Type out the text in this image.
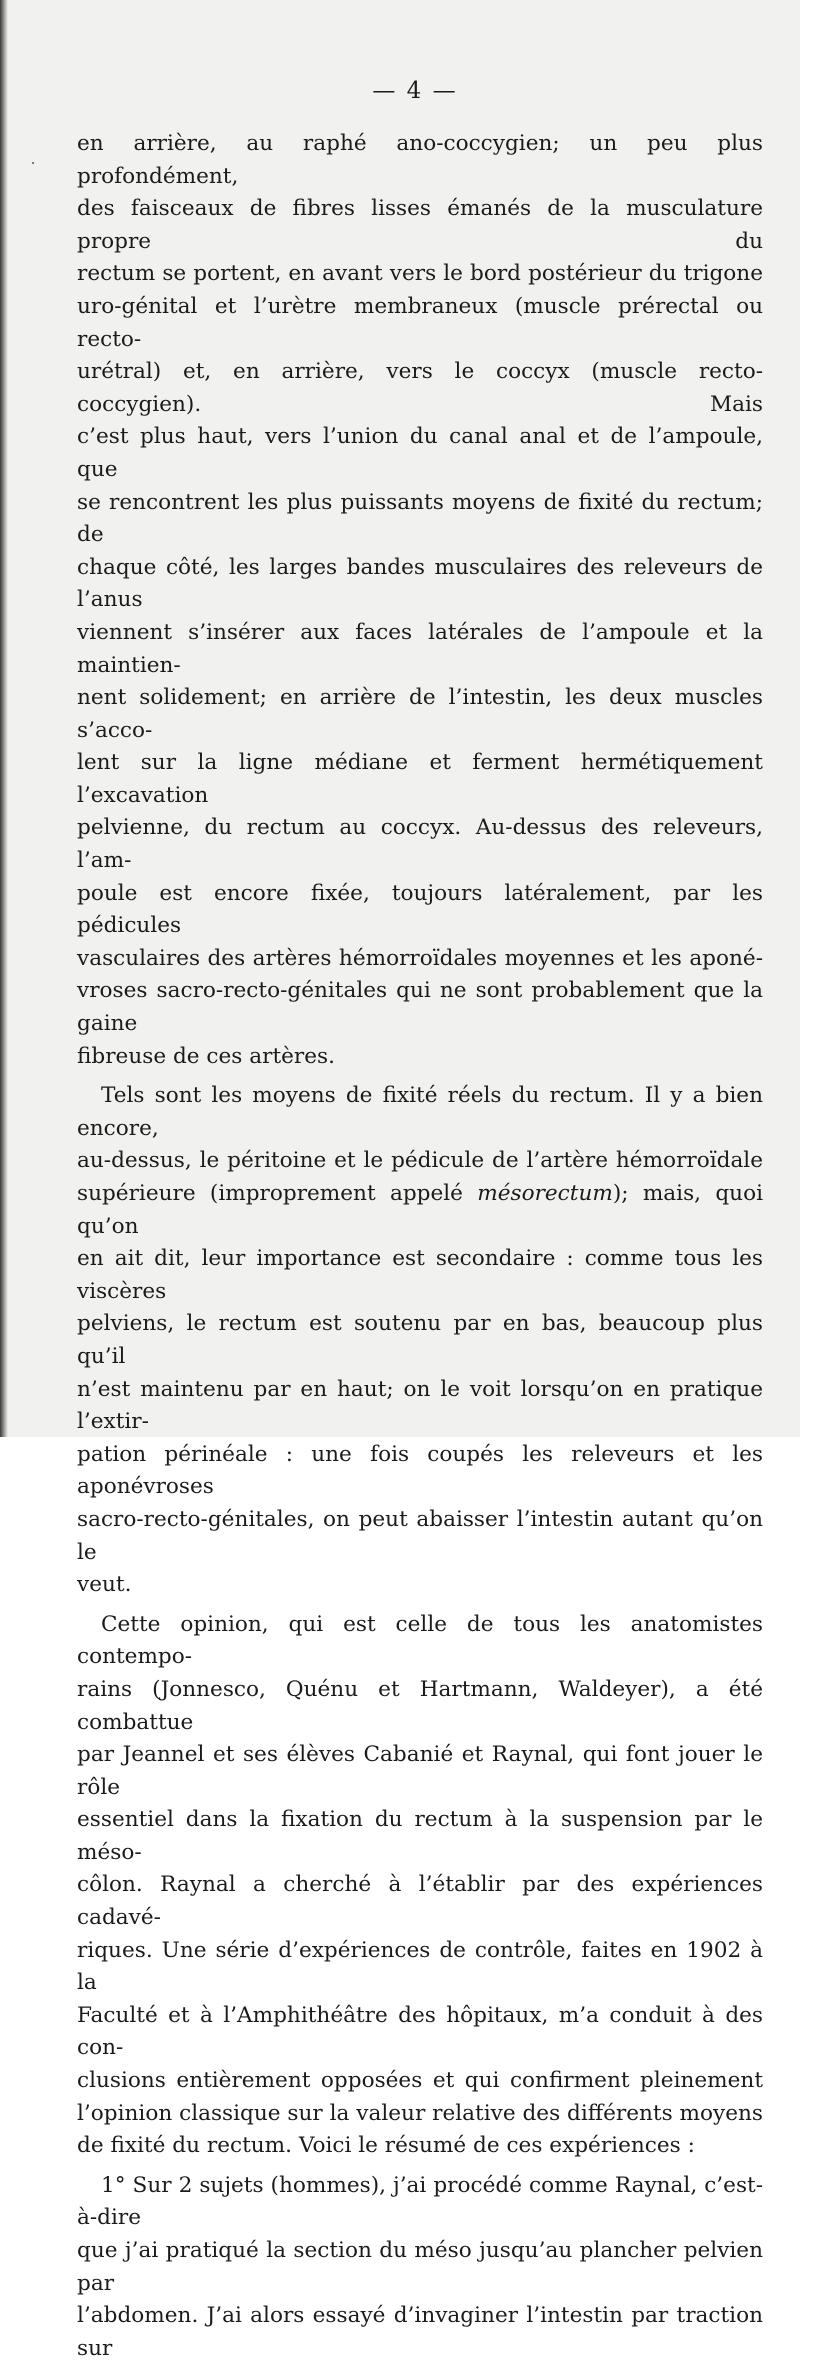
— 4 —

en arrière, au raphé ano-coccygien; un peu plus profondément,

des faisceaux de fibres lisses émanés de la musculature propre du

rectum se portent, en avant vers le bord postérieur du trigone

uro-génital et l’urètre membraneux (muscle prérectal ou recto-

urétral) et, en arrière, vers le coccyx (muscle recto-coccygien). Mais

c’est plus haut, vers l’union du canal anal et de l’ampoule, que

se rencontrent les plus puissants moyens de fixité du rectum; de

chaque côté, les larges bandes musculaires des releveurs de l’anus

viennent s’insérer aux faces latérales de l’ampoule et la maintien-

nent solidement; en arrière de l’intestin, les deux muscles s’acco-

lent sur la ligne médiane et ferment hermétiquement l’excavation

pelvienne, du rectum au coccyx. Au-dessus des releveurs, l’am-

poule est encore fixée, toujours latéralement, par les pédicules

vasculaires des artères hémorroïdales moyennes et les aponé-

vroses sacro-recto-génitales qui ne sont probablement que la gaine

fibreuse de ces artères.

Tels sont les moyens de fixité réels du rectum. Il y a bien encore,

au-dessus, le péritoine et le pédicule de l’artère hémorroïdale

supérieure (improprement appelé mésorectum); mais, quoi qu’on

en ait dit, leur importance est secondaire : comme tous les viscères

pelviens, le rectum est soutenu par en bas, beaucoup plus qu’il

n’est maintenu par en haut; on le voit lorsqu’on en pratique l’extir-

pation périnéale : une fois coupés les releveurs et les aponévroses

sacro-recto-génitales, on peut abaisser l’intestin autant qu’on le

veut.

Cette opinion, qui est celle de tous les anatomistes contempo-

rains (Jonnesco, Quénu et Hartmann, Waldeyer), a été combattue

par Jeannel et ses élèves Cabanié et Raynal, qui font jouer le rôle

essentiel dans la fixation du rectum à la suspension par le méso-

côlon. Raynal a cherché à l’établir par des expériences cadavé-

riques. Une série d’expériences de contrôle, faites en 1902 à la

Faculté et à l’Amphithéâtre des hôpitaux, m’a conduit à des con-

clusions entièrement opposées et qui confirment pleinement

l’opinion classique sur la valeur relative des différents moyens

de fixité du rectum. Voici le résumé de ces expériences :

1° Sur 2 sujets (hommes), j’ai procédé comme Raynal, c’est-à-dire

que j’ai pratiqué la section du méso jusqu’au plancher pelvien par

l’abdomen. J’ai alors essayé d’invaginer l’intestin par traction sur
